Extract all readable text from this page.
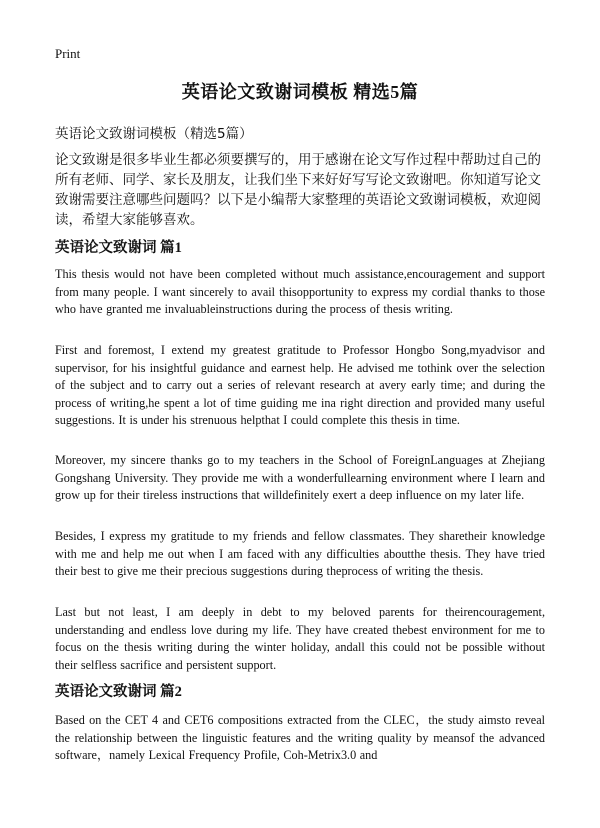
Print
英语论文致谢词模板 精选5篇
英语论文致谢词模板（精选5篇）
论文致谢是很多毕业生都必须要撰写的，用于感谢在论文写作过程中帮助过自己的所有老师、同学、家长及朋友，让我们坐下来好好写写论文致谢吧。你知道写论文致谢需要注意哪些问题吗？以下是小编帮大家整理的英语论文致谢词模板，欢迎阅读，希望大家能够喜欢。
英语论文致谢词 篇1
This thesis would not have been completed without much assistance,encouragement and support from many people. I want sincerely to avail thisopportunity to express my cordial thanks to those who have granted me invaluableinstructions during the process of thesis writing.
First and foremost, I extend my greatest gratitude to Professor Hongbo Song,myadvisor and supervisor, for his insightful guidance and earnest help. He advised me tothink over the selection of the subject and to carry out a series of relevant research at avery early time; and during the process of writing,he spent a lot of time guiding me ina right direction and provided many useful suggestions. It is under his strenuous helpthat I could complete this thesis in time.
Moreover, my sincere thanks go to my teachers in the School of ForeignLanguages at Zhejiang Gongshang University. They provide me with a wonderfullearning environment where I learn and grow up for their tireless instructions that willdefinitely exert a deep influence on my later life.
Besides, I express my gratitude to my friends and fellow classmates. They sharetheir knowledge with me and help me out when I am faced with any difficulties aboutthe thesis. They have tried their best to give me their precious suggestions during theprocess of writing the thesis.
Last but not least, I am deeply in debt to my beloved parents for theirencouragement, understanding and endless love during my life. They have created thebest environment for me to focus on the thesis writing during the winter holiday, andall this could not be possible without their selfless sacrifice and persistent support.
英语论文致谢词 篇2
Based on the CET 4 and CET6 compositions extracted from the CLEC，the study aimsto reveal the relationship between the linguistic features and the writing quality by meansof the advanced software，namely Lexical Frequency Profile, Coh-Metrix3.0 and
